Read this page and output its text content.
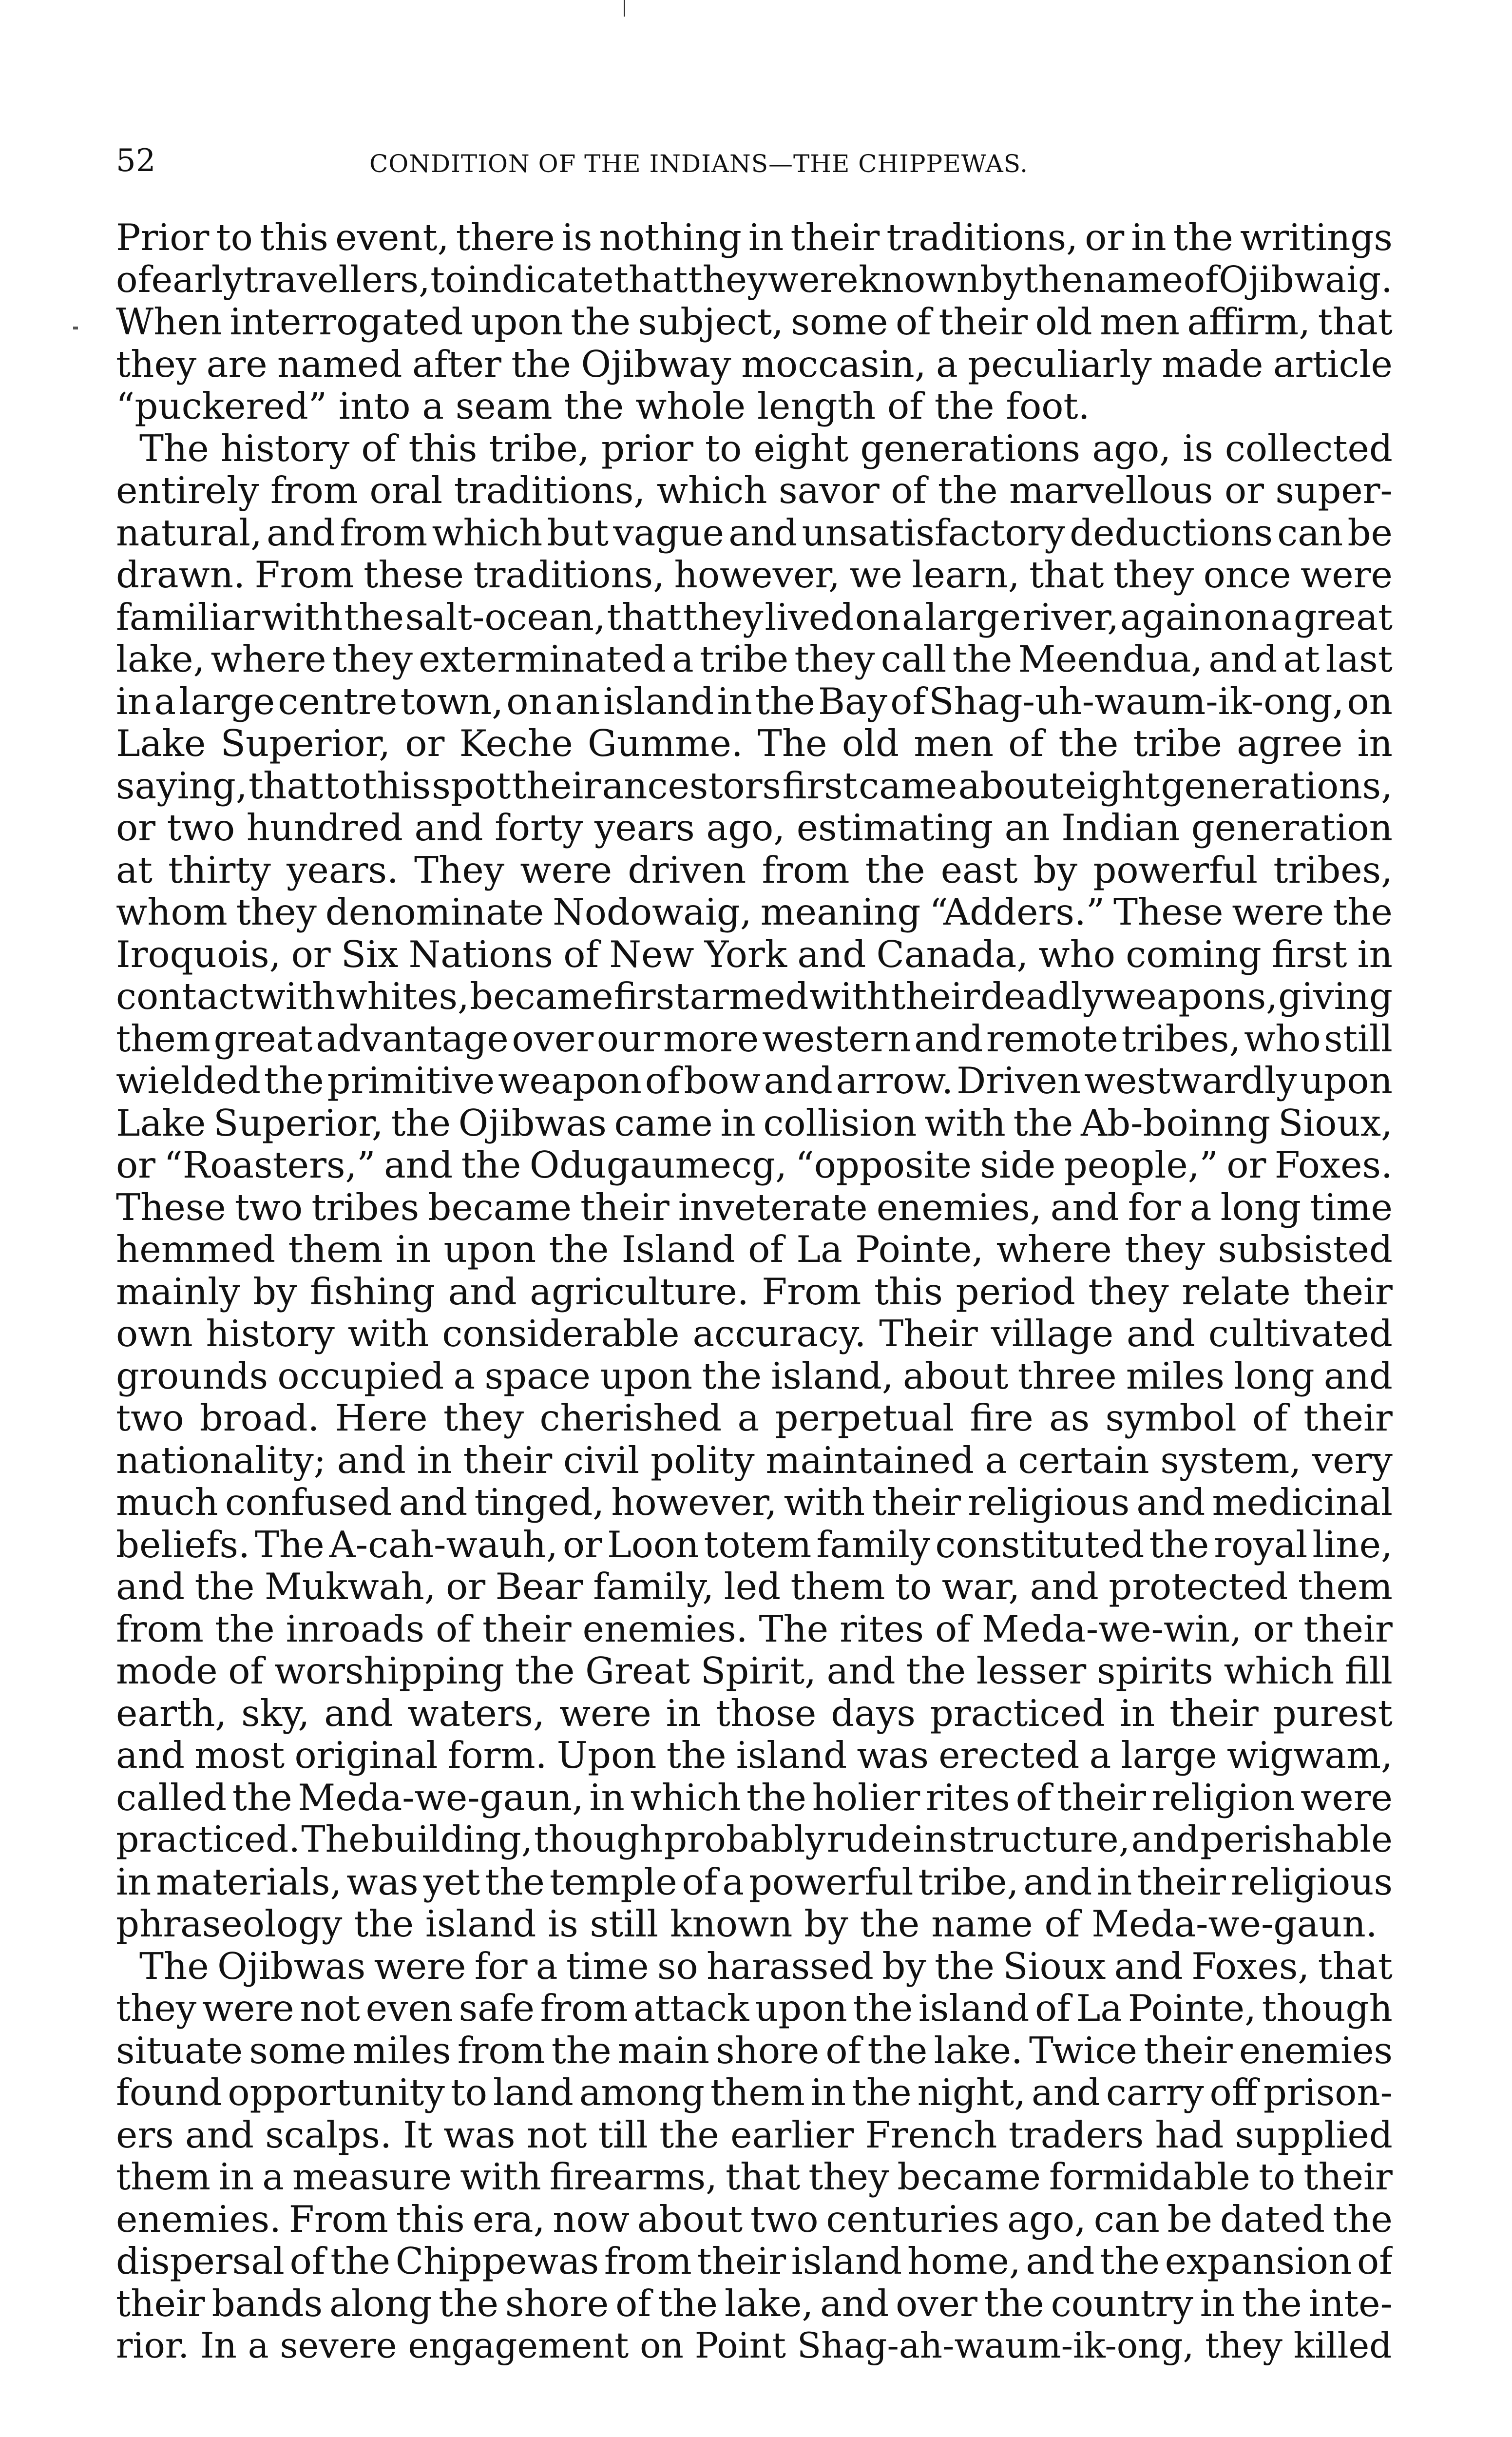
52	CONDITION OF THE INDIANS—THE CHIPPEWAS.
Prior to this event, there is nothing in their traditions, or in the writings
of early travellers, to indicate that they were known by the name of Ojibwaig.
When interrogated upon the subject, some of their old men affirm, that
they are named after the Ojibway moccasin, a peculiarly made article
“puckered” into a seam the whole length of the foot.
The history of this tribe, prior to eight generations ago, is collected
entirely from oral traditions, which savor of the marvellous or super-
natural, and from which but vague and unsatisfactory deductions can be
drawn. From these traditions, however, we learn, that they once were
familiar with the salt-ocean, that they lived on a large river, again on a great
lake, where they exterminated a tribe they call the Meendua, and at last
in a large centre town, on an island in the Bay of Shag-uh-waum-ik-ong, on
Lake Superior, or Keche Gumme. The old men of the tribe agree in
saying, that to this spot their ancestors first came about eight generations,
or two hundred and forty years ago, estimating an Indian generation
at thirty years. They were driven from the east by powerful tribes,
whom they denominate Nodowaig, meaning “Adders.” These were the
Iroquois, or Six Nations of New York and Canada, who coming first in
contact with whites, became first armed with their deadly weapons, giving
them great advantage over our more western and remote tribes, who still
wielded the primitive weapon of bow and arrow. Driven westwardly upon
Lake Superior, the Ojibwas came in collision with the Ab-boinng Sioux,
or “Roasters,” and the Odugaumecg, “opposite side people,” or Foxes.
These two tribes became their inveterate enemies, and for a long time
hemmed them in upon the Island of La Pointe, where they subsisted
mainly by fishing and agriculture. From this period they relate their
own history with considerable accuracy. Their village and cultivated
grounds occupied a space upon the island, about three miles long and
two broad. Here they cherished a perpetual fire as symbol of their
nationality; and in their civil polity maintained a certain system, very
much confused and tinged, however, with their religious and medicinal
beliefs. The A-cah-wauh, or Loon totem family constituted the royal line,
and the Mukwah, or Bear family, led them to war, and protected them
from the inroads of their enemies. The rites of Meda-we-win, or their
mode of worshipping the Great Spirit, and the lesser spirits which fill
earth, sky, and waters, were in those days practiced in their purest
and most original form. Upon the island was erected a large wigwam,
called the Meda-we-gaun, in which the holier rites of their religion were
practiced. The building, though probably rude in structure, and perishable
in materials, was yet the temple of a powerful tribe, and in their religious
phraseology the island is still known by the name of Meda-we-gaun.
The Ojibwas were for a time so harassed by the Sioux and Foxes, that
they were not even safe from attack upon the island of La Pointe, though
situate some miles from the main shore of the lake. Twice their enemies
found opportunity to land among them in the night, and carry off prison-
ers and scalps. It was not till the earlier French traders had supplied
them in a measure with firearms, that they became formidable to their
enemies. From this era, now about two centuries ago, can be dated the
dispersal of the Chippewas from their island home, and the expansion of
their bands along the shore of the lake, and over the country in the inte-
rior. In a severe engagement on Point Shag-ah-waum-ik-ong, they killed
